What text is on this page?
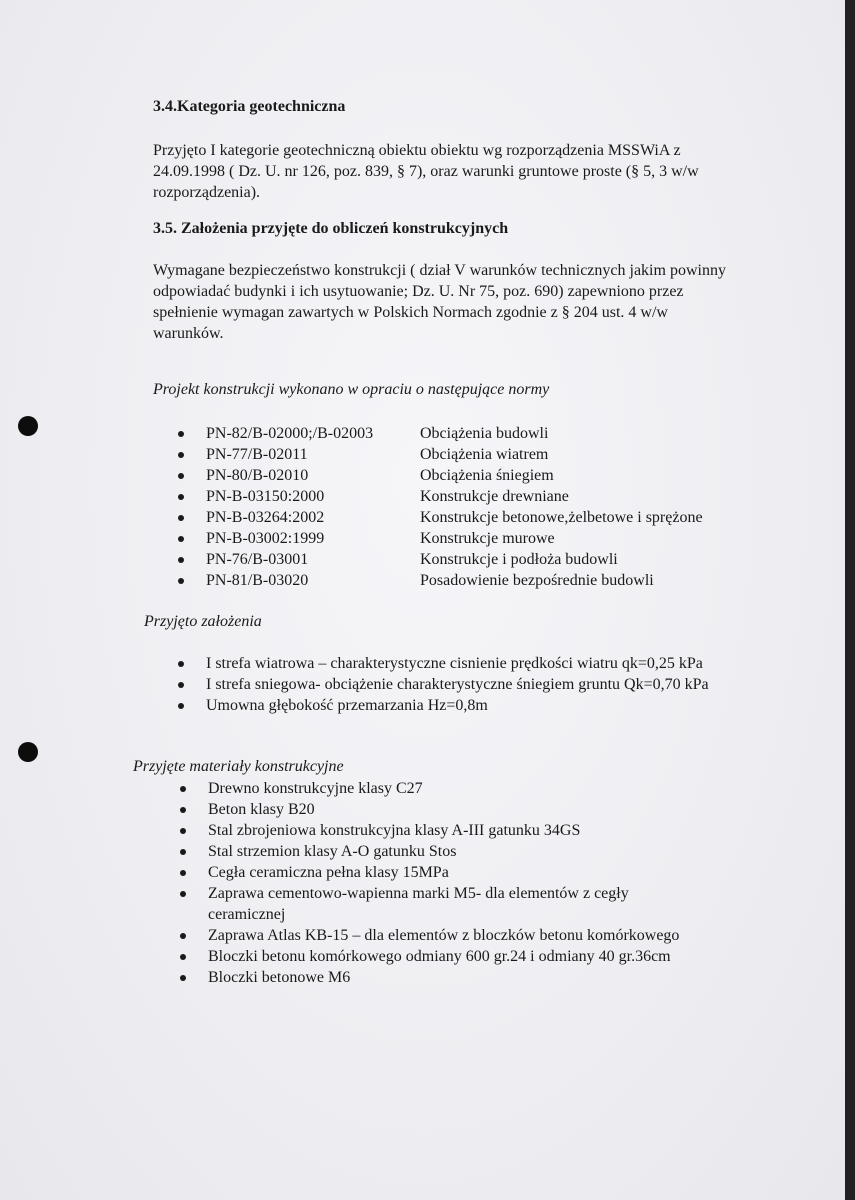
3.4.Kategoria geotechniczna
Przyjęto I kategorie geotechniczną obiektu obiektu wg rozporządzenia MSSWiA z 24.09.1998 ( Dz. U. nr 126, poz. 839, § 7), oraz warunki gruntowe proste (§ 5, 3 w/w rozporządzenia).
3.5. Założenia przyjęte do obliczeń konstrukcyjnych
Wymagane bezpieczeństwo konstrukcji ( dział V warunków technicznych jakim powinny odpowiadać budynki i ich usytuowanie; Dz. U. Nr 75, poz. 690) zapewniono przez spełnienie wymagan zawartych w Polskich Normach zgodnie z § 204 ust. 4 w/w warunków.
Projekt konstrukcji wykonano w opraciu o następujące normy
PN-82/B-02000;/B-02003	Obciążenia budowli
PN-77/B-02011	Obciążenia wiatrem
PN-80/B-02010	Obciążenia śniegiem
PN-B-03150:2000	Konstrukcje drewniane
PN-B-03264:2002	Konstrukcje betonowe,żelbetowe i sprężone
PN-B-03002:1999	Konstrukcje murowe
PN-76/B-03001	Konstrukcje i podłoża budowli
PN-81/B-03020	Posadowienie bezpośrednie budowli
Przyjęto założenia
I strefa wiatrowa – charakterystyczne cisnienie prędkości wiatru qk=0,25 kPa
I strefa sniegowa- obciążenie charakterystyczne śniegiem gruntu Qk=0,70 kPa
Umowna głębokość przemarzania Hz=0,8m
Przyjęte materiały konstrukcyjne
Drewno konstrukcyjne klasy C27
Beton klasy B20
Stal zbrojeniowa konstrukcyjna klasy A-III gatunku 34GS
Stal strzemion klasy A-O gatunku Stos
Cegła ceramiczna pełna klasy 15MPa
Zaprawa cementowo-wapienna marki M5- dla elementów z cegły ceramicznej
Zaprawa Atlas KB-15 – dla elementów z bloczków betonu komórkowego
Bloczki betonu komórkowego odmiany 600 gr.24 i odmiany 40 gr.36cm
Bloczki betonowe M6
